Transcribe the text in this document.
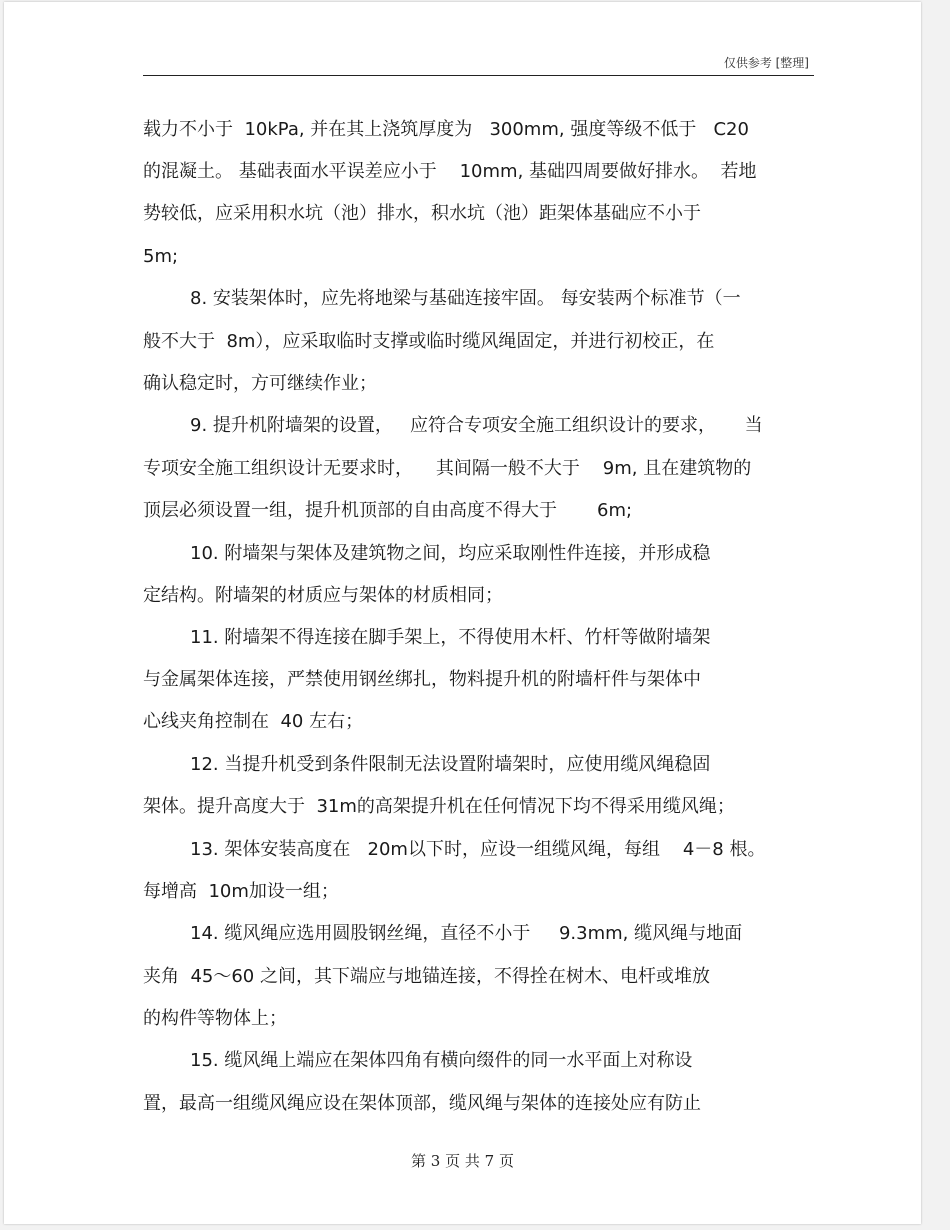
仅供参考 [整理]
载力不小于  10kPa, 并在其上浇筑厚度为   300mm, 强度等级不低于   C20
的混凝土。 基础表面水平误差应小于    10mm, 基础四周要做好排水。  若地
势较低，应采用积水坑（池）排水，积水坑（池）距架体基础应不小于
5m;
8. 安装架体时，应先将地梁与基础连接牢固。 每安装两个标准节（一
般不大于  8m），应采取临时支撑或临时缆风绳固定，并进行初校正，在
确认稳定时，方可继续作业；
9. 提升机附墙架的设置，   应符合专项安全施工组织设计的要求，     当
专项安全施工组织设计无要求时，    其间隔一般不大于    9m, 且在建筑物的
顶层必须设置一组，提升机顶部的自由高度不得大于       6m;
10. 附墙架与架体及建筑物之间，均应采取刚性件连接，并形成稳
定结构。附墙架的材质应与架体的材质相同；
11. 附墙架不得连接在脚手架上，不得使用木杆、竹杆等做附墙架
与金属架体连接，严禁使用钢丝绑扎，物料提升机的附墙杆件与架体中
心线夹角控制在  40 左右；
12. 当提升机受到条件限制无法设置附墙架时，应使用缆风绳稳固
架体。提升高度大于  31m的高架提升机在任何情况下均不得采用缆风绳；
13. 架体安装高度在   20m以下时，应设一组缆风绳，每组    4－8 根。
每增高  10m加设一组；
14. 缆风绳应选用圆股钢丝绳，直径不小于     9.3mm, 缆风绳与地面
夹角  45～60 之间，其下端应与地锚连接，不得拴在树木、电杆或堆放
的构件等物体上；
15. 缆风绳上端应在架体四角有横向缀件的同一水平面上对称设
置，最高一组缆风绳应设在架体顶部，缆风绳与架体的连接处应有防止
第 3 页 共 7 页
